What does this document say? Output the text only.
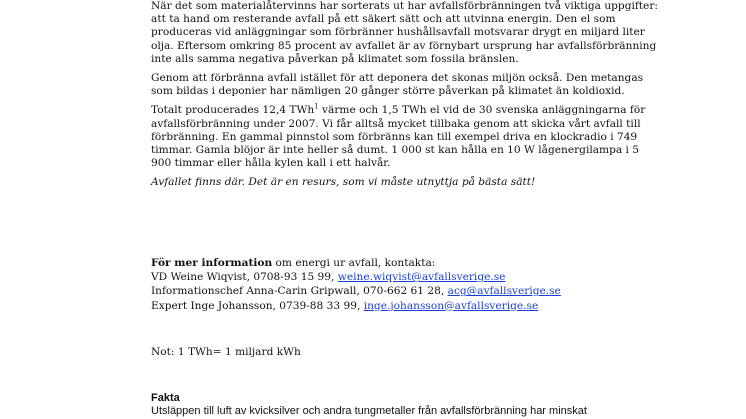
När det som materialåtervinns har sorterats ut har avfallsförbränningen två viktiga uppgifter: att ta hand om resterande avfall på ett säkert sätt och att utvinna energin. Den el som produceras vid anläggningar som förbränner hushållsavfall motsvarar drygt en miljard liter olja. Eftersom omkring 85 procent av avfallet är av förnybart ursprung har avfallsförbränning inte alls samma negativa påverkan på klimatet som fossila bränslen.

Genom att förbränna avfall istället för att deponera det skonas miljön också. Den metangas som bildas i deponier har nämligen 20 gånger större påverkan på klimatet än koldioxid.

Totalt producerades 12,4 TWh$^1$ värme och 1,5 TWh el vid de 30 svenska anläggningarna för avfallsförbränning under 2007. Vi får alltså mycket tillbaka genom att skicka vårt avfall till förbränning. En gammal pinnstol som förbränns kan till exempel driva en klockradio i 749 timmar. Gamla blöjor är inte heller så dumt. 1 000 st kan hålla en 10 W lågenergilampa i 5 900 timmar eller hålla kylen kall i ett halvår.

Avfallet finns där. Det är en resurs, som vi måste utnyttja på bästa sätt!

För mer information om energi ur avfall, kontakta:
VD Weine Wiqvist, 0708-93 15 99, weine.wiqvist@avfallsverige.se
Informationschef Anna-Carin Gripwall, 070-662 61 28, acg@avfallsverige.se
Expert Inge Johansson, 0739-88 33 99, inge.johansson@avfallsverige.se
Not: 1 TWh= 1 miljard kWh
Fakta
Utsläppen till luft av kvicksilver och andra tungmetaller från avfallsförbränning har minskat
